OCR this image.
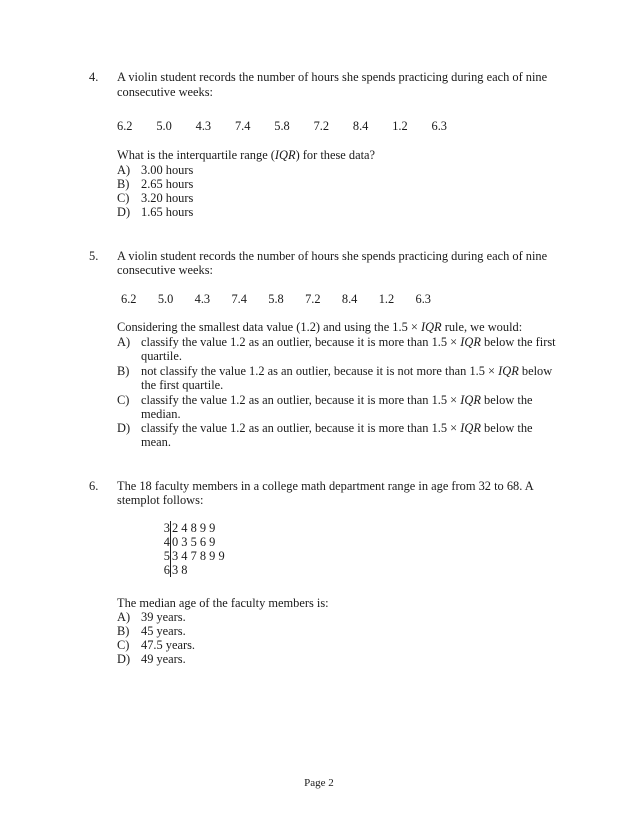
4. A violin student records the number of hours she spends practicing during each of nine
consecutive weeks:
6.2 5.0 4.3 7.4 5.8 7.2 8.4 1.2 6.3
What is the interquartile range (IQR) for these data?
A) 3.00 hours
B) 2.65 hours
C) 3.20 hours
D) 1.65 hours
5. A violin student records the number of hours she spends practicing during each of nine
consecutive weeks:
6.2 5.0 4.3 7.4 5.8 7.2 8.4 1.2 6.3
Considering the smallest data value (1.2) and using the 1.5 × IQR rule, we would:
A) classify the value 1.2 as an outlier, because it is more than 1.5 × IQR below the first
quartile.
B) not classify the value 1.2 as an outlier, because it is not more than 1.5 × IQR below
the first quartile.
C) classify the value 1.2 as an outlier, because it is more than 1.5 × IQR below the
median.
D) classify the value 1.2 as an outlier, because it is more than 1.5 × IQR below the
mean.
6. The 18 faculty members in a college math department range in age from 32 to 68. A
stemplot follows:
3
4
5
6
2 4 8 9 9
0 3 5 6 9
3 4 7 8 9 9
3 8
The median age of the faculty members is:
A) 39 years.
B) 45 years.
C) 47.5 years.
D) 49 years.
Page 2
